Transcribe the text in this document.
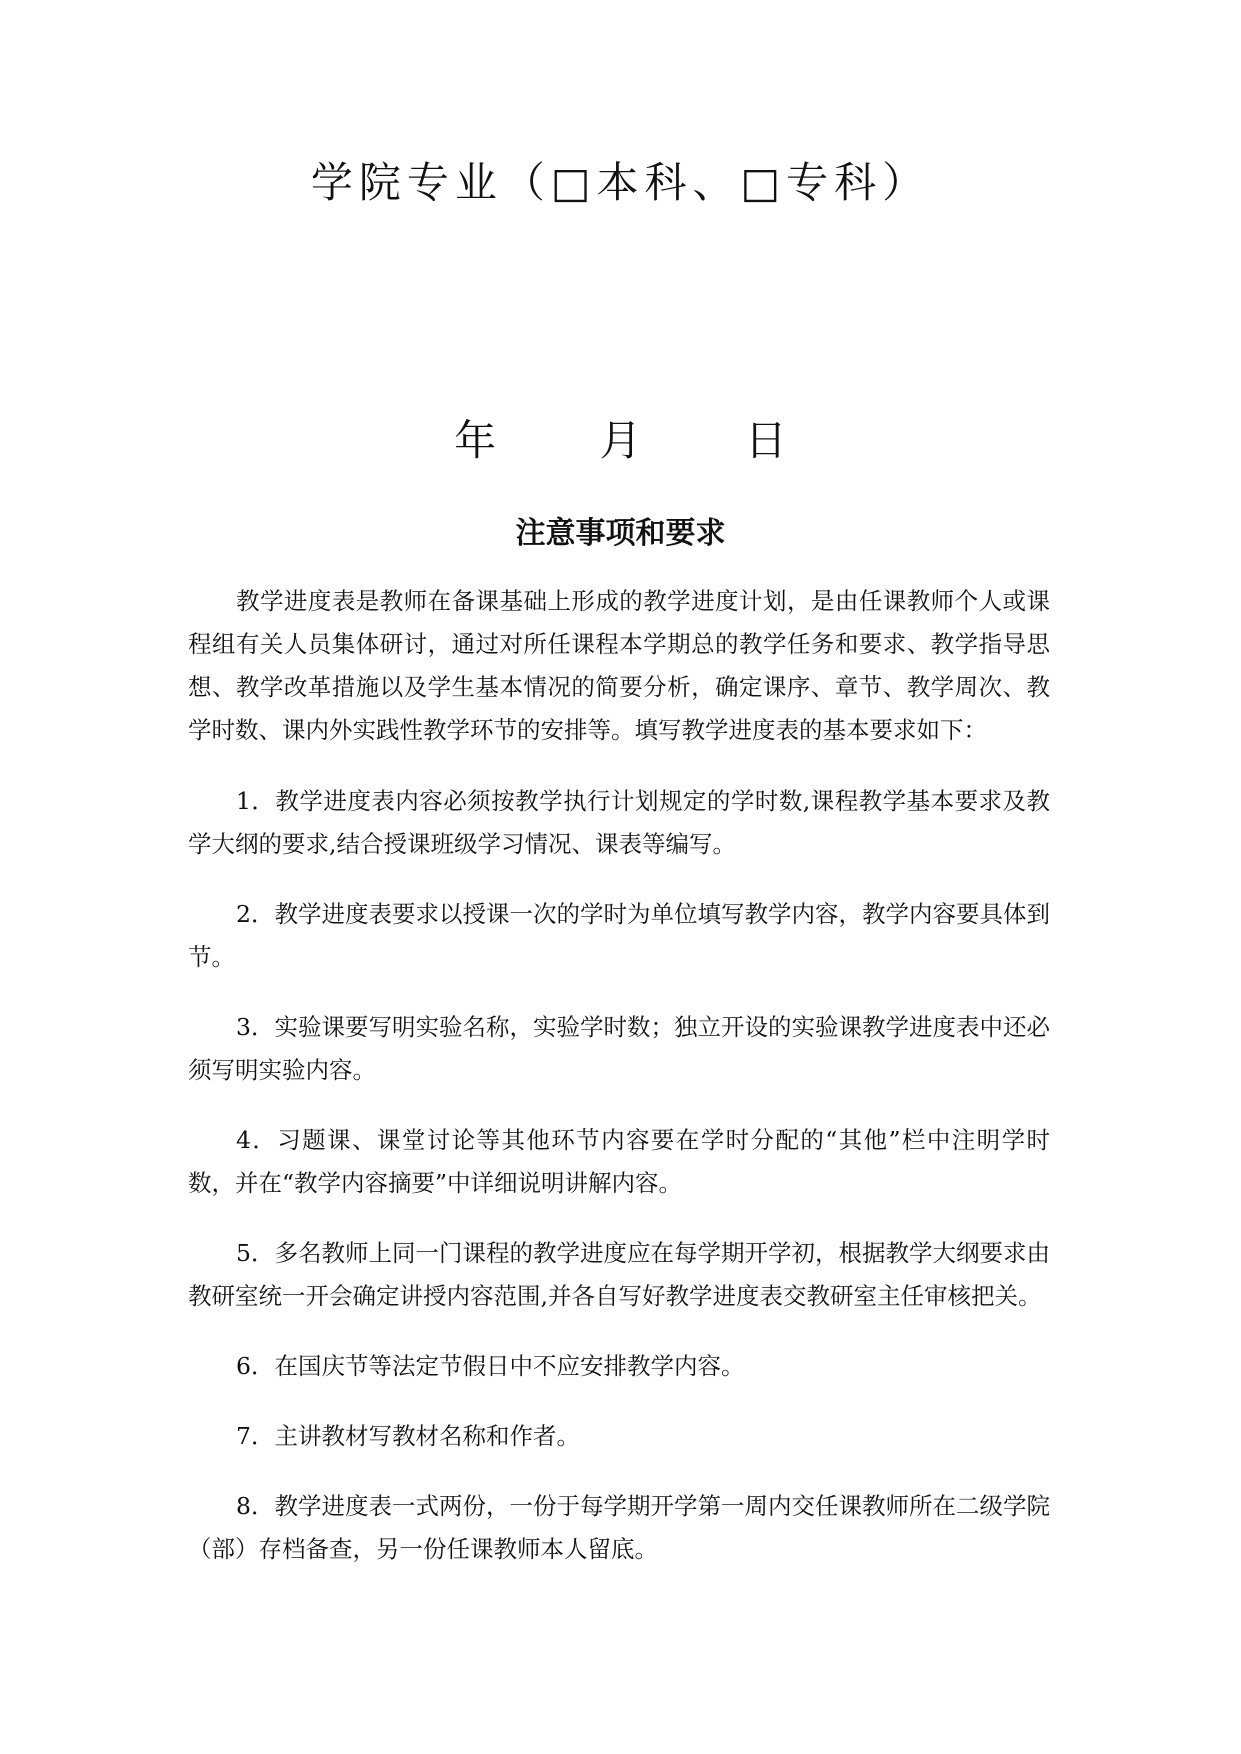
学院专业（□本科、□专科）
年 月 日
注意事项和要求

教学进度表是教师在备课基础上形成的教学进度计划，是由任课教师个人或课程组有关人员集体研讨，通过对所任课程本学期总的教学任务和要求、教学指导思想、教学改革措施以及学生基本情况的简要分析，确定课序、章节、教学周次、教学时数、课内外实践性教学环节的安排等。填写教学进度表的基本要求如下：

1．教学进度表内容必须按教学执行计划规定的学时数,课程教学基本要求及教学大纲的要求,结合授课班级学习情况、课表等编写。

2．教学进度表要求以授课一次的学时为单位填写教学内容，教学内容要具体到节。

3．实验课要写明实验名称，实验学时数；独立开设的实验课教学进度表中还必须写明实验内容。

4．习题课、课堂讨论等其他环节内容要在学时分配的“其他”栏中注明学时数，并在“教学内容摘要”中详细说明讲解内容。

5．多名教师上同一门课程的教学进度应在每学期开学初，根据教学大纲要求由教研室统一开会确定讲授内容范围,并各自写好教学进度表交教研室主任审核把关。

6．在国庆节等法定节假日中不应安排教学内容。

7．主讲教材写教材名称和作者。

8．教学进度表一式两份，一份于每学期开学第一周内交任课教师所在二级学院（部）存档备查，另一份任课教师本人留底。
